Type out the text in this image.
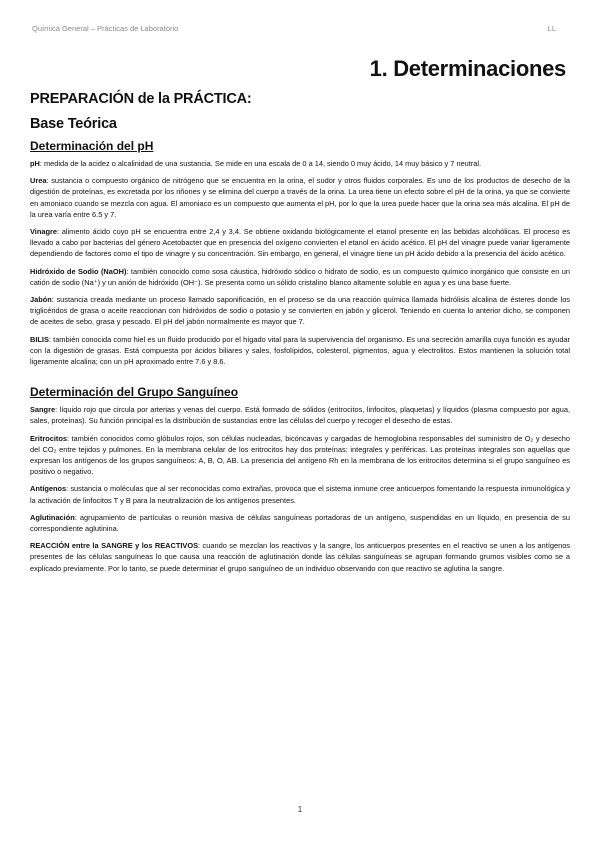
Química General – Prácticas de Laboratorio	LL
1. Determinaciones
PREPARACIÓN de la PRÁCTICA:
Base Teórica
Determinación del pH

pH: medida de la acidez o alcalinidad de una sustancia. Se mide en una escala de 0 a 14, siendo 0 muy ácido, 14 muy básico y 7 neutral.

Urea: sustancia o compuesto orgánico de nitrógeno que se encuentra en la orina, el sudor y otros fluidos corporales. Es uno de los productos de desecho de la digestión de proteínas, es excretada por los riñones y se elimina del cuerpo a través de la orina. La urea tiene un efecto sobre el pH de la orina, ya que se convierte en amoniaco cuando se mezcla con agua. El amoniaco es un compuesto que aumenta el pH, por lo que la urea puede hacer que la orina sea más alcalina. El pH de la urea varía entre 6.5 y 7.

Vinagre: alimento ácido cuyo pH se encuentra entre 2,4 y 3,4. Se obtiene oxidando biológicamente el etanol presente en las bebidas alcohólicas. El proceso es llevado a cabo por bacterias del género Acetobacter que en presencia del oxígeno convierten el etanol en ácido acético. El pH del vinagre puede variar ligeramente dependiendo de factores como el tipo de vinagre y su concentración. Sin embargo, en general, el vinagre tiene un pH ácido debido a la presencia del ácido acético.

Hidróxido de Sodio (NaOH): también conocido como sosa cáustica, hidróxido sódico o hidrato de sodio, es un compuesto químico inorgánico que consiste en un catión de sodio (Na⁺) y un anión de hidróxido (OH⁻). Se presenta como un sólido cristalino blanco altamente soluble en agua y es una base fuerte.

Jabón: sustancia creada mediante un proceso llamado saponificación, en el proceso se da una reacción química llamada hidrólisis alcalina de ésteres donde los triglicéridos de grasa o aceite reaccionan con hidróxidos de sodio o potasio y se convierten en jabón y glicerol. Teniendo en cuenta lo anterior dicho, se componen de aceites de sebo, grasa y pescado. El pH del jabón normalmente es mayor que 7.

BILIS: también conocida como hiel es un fluido producido por el hígado vital para la supervivencia del organismo. Es una secreción amarilla cuya función es ayudar con la digestión de grasas. Está compuesta por ácidos biliares y sales, fosfolípidos, colesterol, pigmentos, agua y electrolitos. Estos mantienen la solución total ligeramente alcalina; con un pH aproximado entre 7.6 y 8.6.

Determinación del Grupo Sanguíneo

Sangre: líquido rojo que circula por arterias y venas del cuerpo. Está formado de sólidos (eritrocitos, linfocitos, plaquetas) y líquidos (plasma compuesto por agua, sales, proteínas). Su función principal es la distribución de sustancias entre las células del cuerpo y recoger el desecho de estas.

Eritrocitos: también conocidos como glóbulos rojos, son células nucleadas, bicóncavas y cargadas de hemoglobina responsables del suministro de O₂ y desecho del CO₂ entre tejidos y pulmones. En la membrana celular de los eritrocitos hay dos proteínas: integrales y periféricas. Las proteínas integrales son aquellas que expresan los antígenos de los grupos sanguíneos: A, B, O, AB. La presencia del antígeno Rh en la membrana de los eritrocitos determina si el grupo sanguíneo es positivo o negativo.

Antígenos: sustancia o moléculas que al ser reconocidas como extrañas, provoca que el sistema inmune cree anticuerpos fomentando la respuesta inmunológica y la activación de linfocitos T y B para la neutralización de los antígenos presentes.

Aglutinación: agrupamiento de partículas o reunión masiva de células sanguíneas portadoras de un antígeno, suspendidas en un líquido, en presencia de su correspondiente aglutinina.

REACCIÓN entre la SANGRE y los REACTIVOS: cuando se mezclan los reactivos y la sangre, los anticuerpos presentes en el reactivo se unen a los antígenos presentes de las células sanguíneas lo que causa una reacción de aglutinación donde las células sanguíneas se agrupan formando grumos visibles como se a explicado previamente. Por lo tanto, se puede determinar el grupo sanguíneo de un individuo observando con que reactivo se aglutina la sangre.

1
